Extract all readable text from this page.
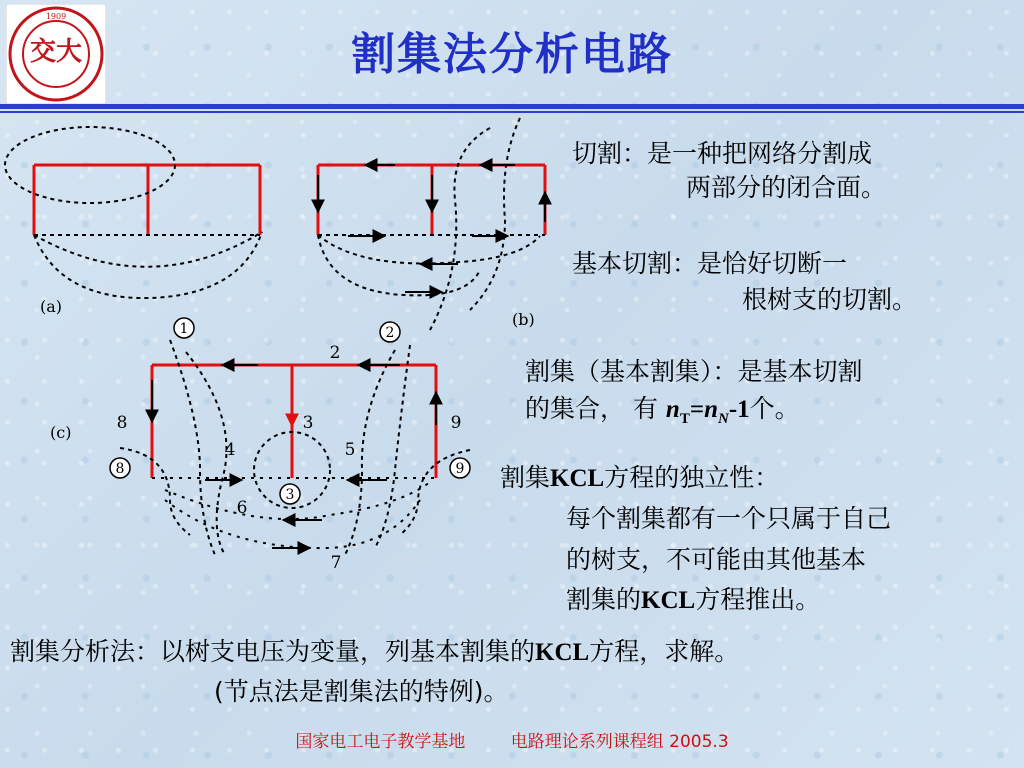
1909
交大	割集法分析电路
(a)
(b)
(c)
1	2
3
8	9
2
3
4	5
6
7
8	9
切割：是一种把网络分割成
两部分的闭合面。
基本切割：是恰好切断一
根树支的切割。
割集（基本割集）：是基本切割
的集合， 有 $n_T=n_N-1$个。
割集KCL方程的独立性：
每个割集都有一个只属于自己
的树支，不可能由其他基本
割集的KCL方程推出。
割集分析法：以树支电压为变量，列基本割集的KCL方程，求解。
(节点法是割集法的特例)。
国家电工电子教学基地	电路理论系列课程组 2005.3
